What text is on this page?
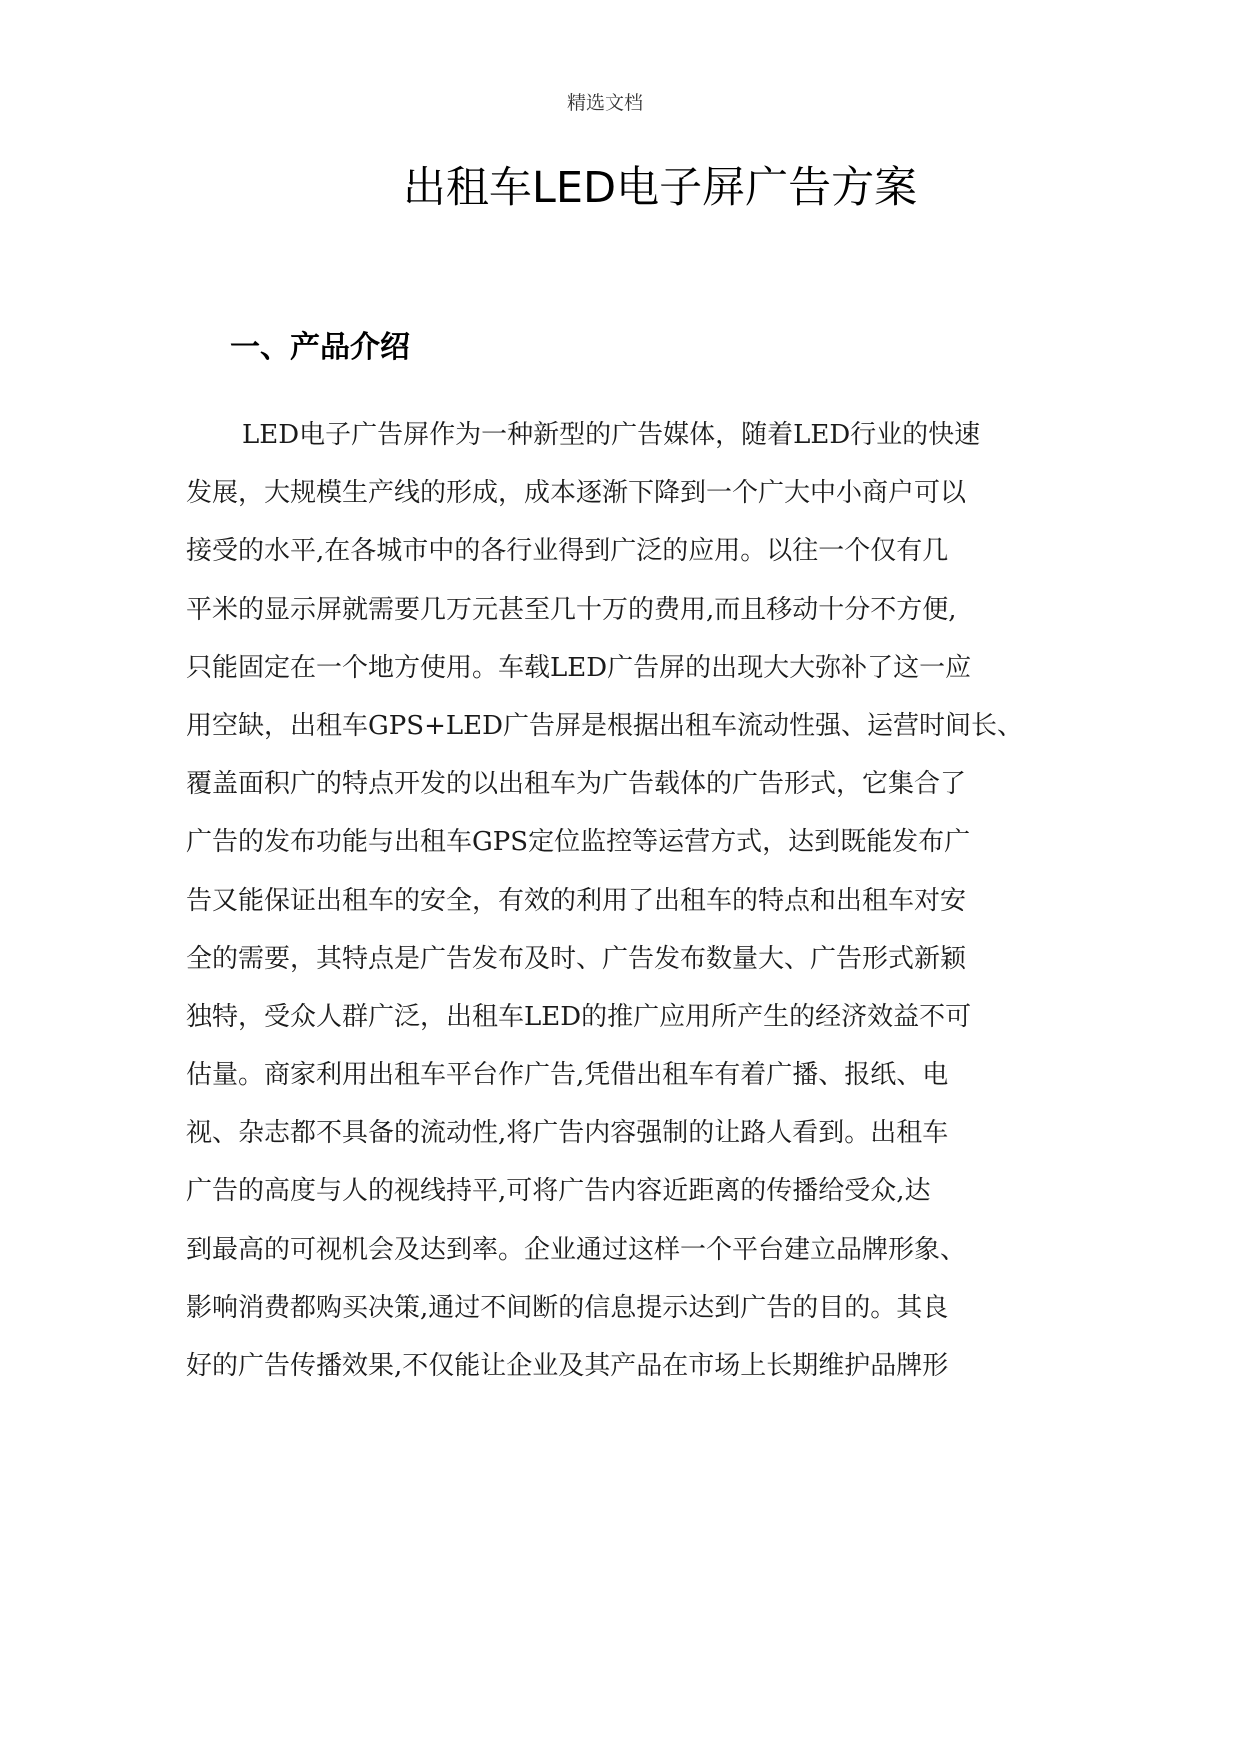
精选文档
出租车LED电子屏广告方案
一、产品介绍
LED电子广告屏作为一种新型的广告媒体，随着LED行业的快速
发展，大规模生产线的形成，成本逐渐下降到一个广大中小商户可以
接受的水平,在各城市中的各行业得到广泛的应用。以往一个仅有几
平米的显示屏就需要几万元甚至几十万的费用,而且移动十分不方便,
只能固定在一个地方使用。车载LED广告屏的出现大大弥补了这一应
用空缺，出租车GPS+LED广告屏是根据出租车流动性强、运营时间长、
覆盖面积广的特点开发的以出租车为广告载体的广告形式，它集合了
广告的发布功能与出租车GPS定位监控等运营方式，达到既能发布广
告又能保证出租车的安全，有效的利用了出租车的特点和出租车对安
全的需要，其特点是广告发布及时、广告发布数量大、广告形式新颖
独特，受众人群广泛，出租车LED的推广应用所产生的经济效益不可
估量。商家利用出租车平台作广告,凭借出租车有着广播、报纸、电
视、杂志都不具备的流动性,将广告内容强制的让路人看到。出租车
广告的高度与人的视线持平,可将广告内容近距离的传播给受众,达
到最高的可视机会及达到率。企业通过这样一个平台建立品牌形象、
影响消费都购买决策,通过不间断的信息提示达到广告的目的。其良
好的广告传播效果,不仅能让企业及其产品在市场上长期维护品牌形
